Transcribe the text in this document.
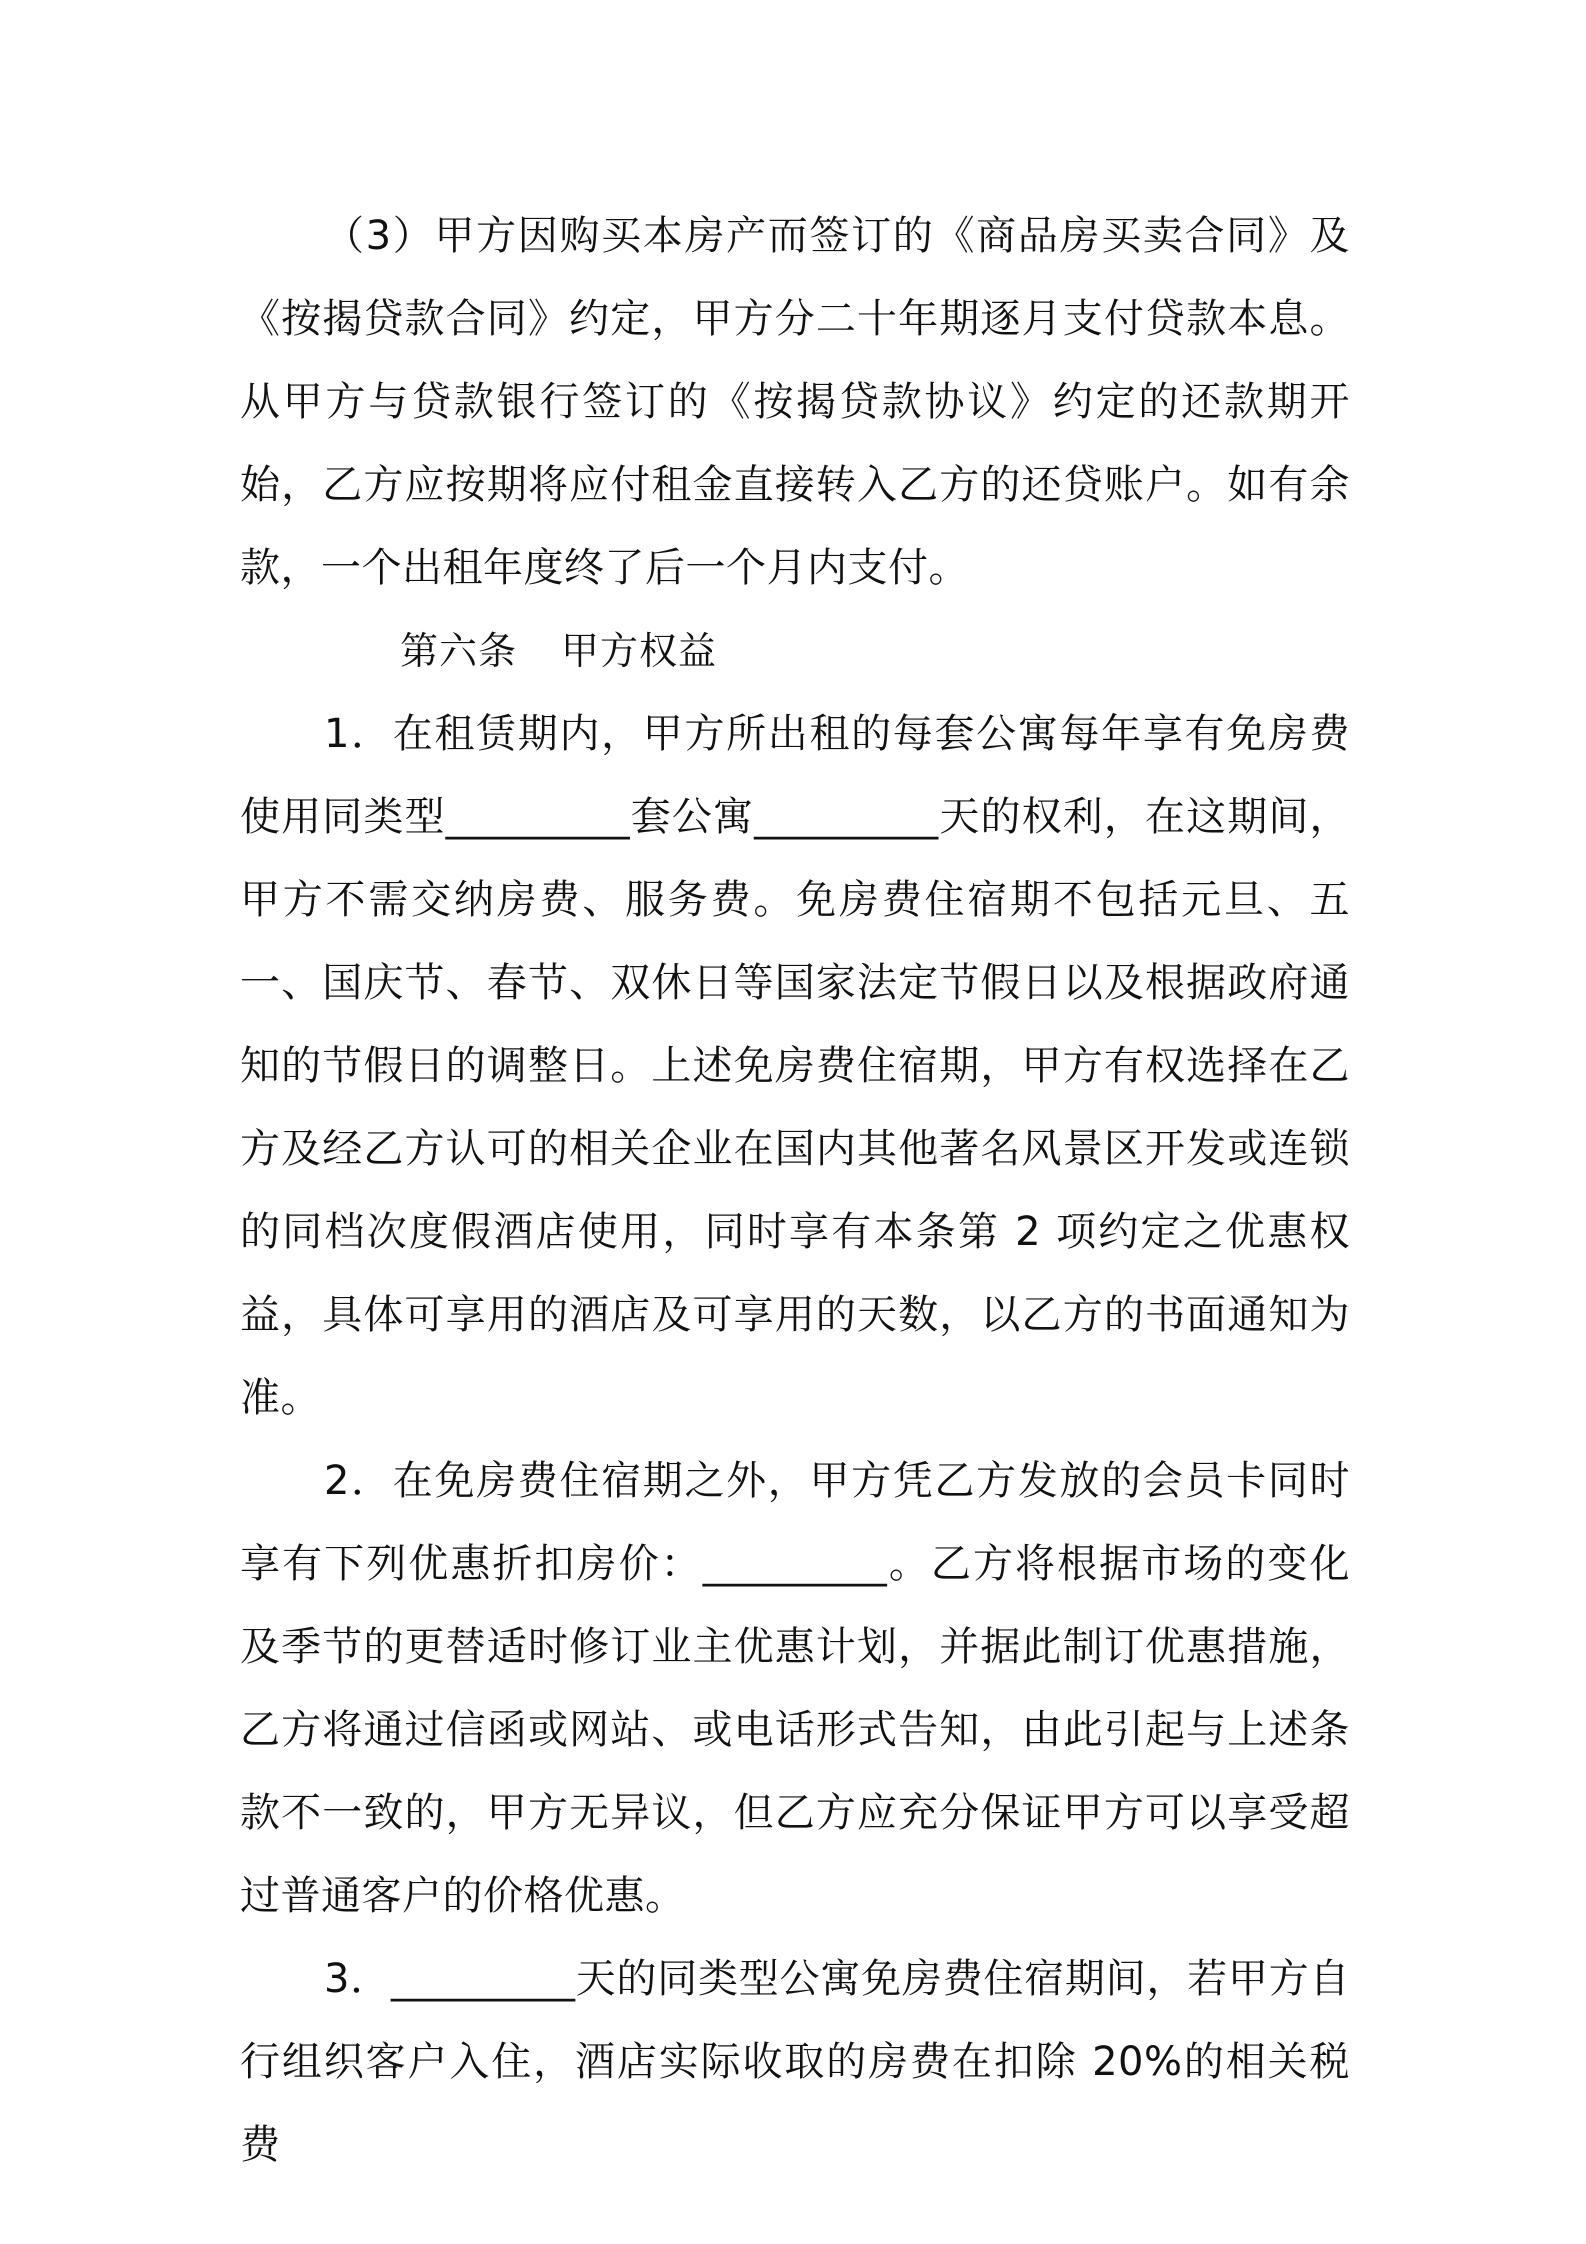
（3）甲方因购买本房产而签订的《商品房买卖合同》及《按揭贷款合同》约定，甲方分二十年期逐月支付贷款本息。从甲方与贷款银行签订的《按揭贷款协议》约定的还款期开始，乙方应按期将应付租金直接转入乙方的还贷账户。如有余款，一个出租年度终了后一个月内支付。

第六条 甲方权益

1．在租赁期内，甲方所出租的每套公寓每年享有免房费使用同类型_________套公寓_________天的权利，在这期间，甲方不需交纳房费、服务费。免房费住宿期不包括元旦、五一、国庆节、春节、双休日等国家法定节假日以及根据政府通知的节假日的调整日。上述免房费住宿期，甲方有权选择在乙方及经乙方认可的相关企业在国内其他著名风景区开发或连锁的同档次度假酒店使用，同时享有本条第 2 项约定之优惠权益，具体可享用的酒店及可享用的天数，以乙方的书面通知为准。

2．在免房费住宿期之外，甲方凭乙方发放的会员卡同时享有下列优惠折扣房价：_________。乙方将根据市场的变化及季节的更替适时修订业主优惠计划，并据此制订优惠措施，乙方将通过信函或网站、或电话形式告知，由此引起与上述条款不一致的，甲方无异议，但乙方应充分保证甲方可以享受超过普通客户的价格优惠。

3．_________天的同类型公寓免房费住宿期间，若甲方自行组织客户入住，酒店实际收取的房费在扣除 20%的相关税费
